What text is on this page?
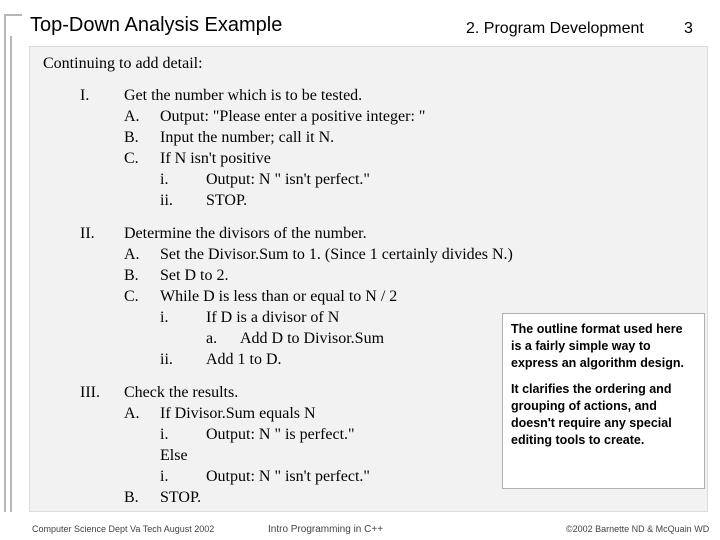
Top-Down Analysis Example	2. Program Development	3
Continuing to add detail:
I. Get the number which is to be tested.
A. Output: "Please enter a positive integer: "
B. Input the number; call it N.
C. If N isn't positive
i. Output: N " isn't perfect."
ii. STOP.
II. Determine the divisors of the number.
A. Set the Divisor.Sum to 1. (Since 1 certainly divides N.)
B. Set D to 2.
C. While D is less than or equal to N / 2
i. If D is a divisor of N
a. Add D to Divisor.Sum
ii. Add 1 to D.
III. Check the results.
A. If Divisor.Sum equals N
i. Output: N " is perfect."
Else
i. Output: N " isn't perfect."
B. STOP.

The outline format used here is a fairly simple way to express an algorithm design.

It clarifies the ordering and grouping of actions, and doesn't require any special editing tools to create.

Computer Science Dept Va Tech August 2002	Intro Programming in C++	©2002 Barnette ND & McQuain WD
